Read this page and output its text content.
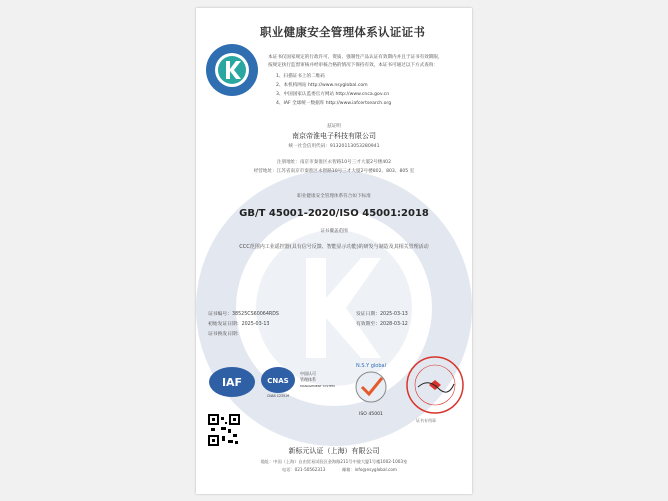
职业健康安全管理体系认证证书
本证书仅国家规定的行政许可、资质、强制性产品认证有效期内并且于证书有效期限，
按规定执行监督审核并经审核合格的情况下保持有效。本证书可通过以下方式查询：
1、扫描证书上的二维码
2、本机构网站 http://www.nsyglobal.com
3、中国国家认监委官方网站 http://www.cnca.gov.cn
4、IAF 全球统一数据库 http://www.iafcertsearch.org
兹证明
南京帝淮电子科技有限公司
统一社会信用代码：91320113053280941
注册地址：南京市秦淮区永智路10号三才大厦2号楼402
经营地址：江苏省南京市秦淮区永智路10号三才大厦2号楼802、803、805 室
职业健康安全管理体系符合如下标准
GB/T 45001-2020/ISO 45001:2018
证书覆盖范围
CCC范围内工业遥控器(具有信号反馈、智能显示功能)的研发与制造及其相关管理活动
证书编号：38525CS60064RDS	发证日期：2025-03-13
初始发证日期：2025-03-13	有效期至：2028-03-12
证书换发日期：
IAF	CNAS
中国认可
管理体系
MANAGEMENT SYSTEM
CNAS C235-M
N.S.Y global
ISO 45001
证书专用章
新标元认证（上海）有限公司
地址：中国（上海）自由贸易试验区金海路211号中骏大厦1号楼1002-1003室
电话：021-50562313	邮箱：info@nsyglobal.com
